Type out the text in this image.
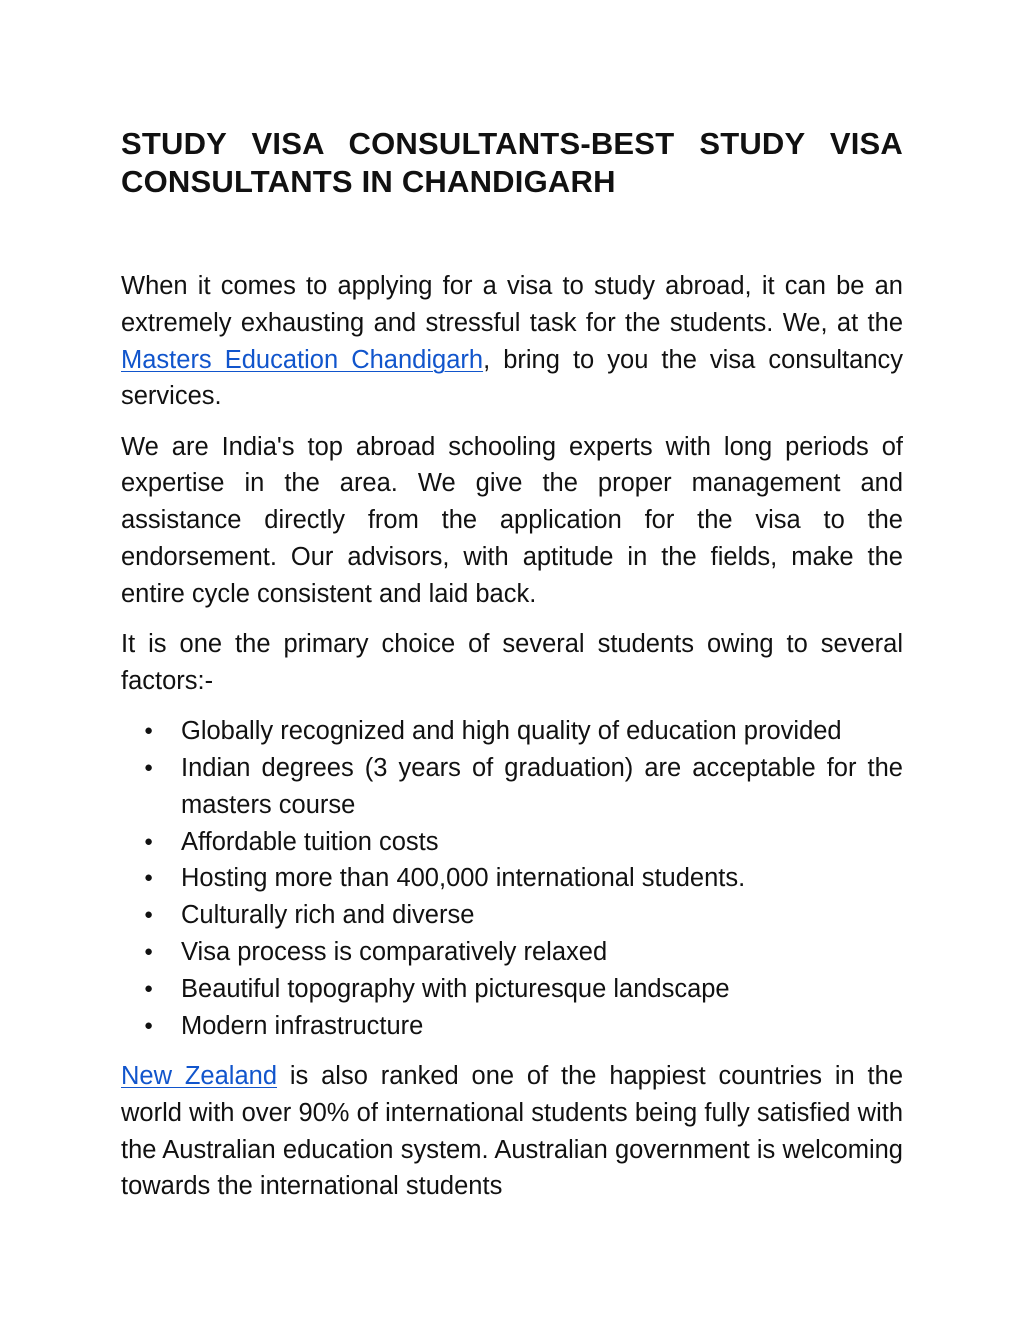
STUDY VISA CONSULTANTS-BEST STUDY VISA
CONSULTANTS IN CHANDIGARH

When it comes to applying for a visa to study abroad, it can be an extremely exhausting and stressful task for the students. We, at the Masters Education Chandigarh, bring to you the visa consultancy services.

We are India's top abroad schooling experts with long periods of expertise in the area. We give the proper management and assistance directly from the application for the visa to the endorsement. Our advisors, with aptitude in the fields, make the entire cycle consistent and laid back.

It is one the primary choice of several students owing to several factors:-

● Globally recognized and high quality of education provided
● Indian degrees (3 years of graduation) are acceptable for the masters course
● Affordable tuition costs
● Hosting more than 400,000 international students.
● Culturally rich and diverse
● Visa process is comparatively relaxed
● Beautiful topography with picturesque landscape
● Modern infrastructure

New Zealand is also ranked one of the happiest countries in the world with over 90% of international students being fully satisfied with the Australian education system. Australian government is welcoming towards the international students
